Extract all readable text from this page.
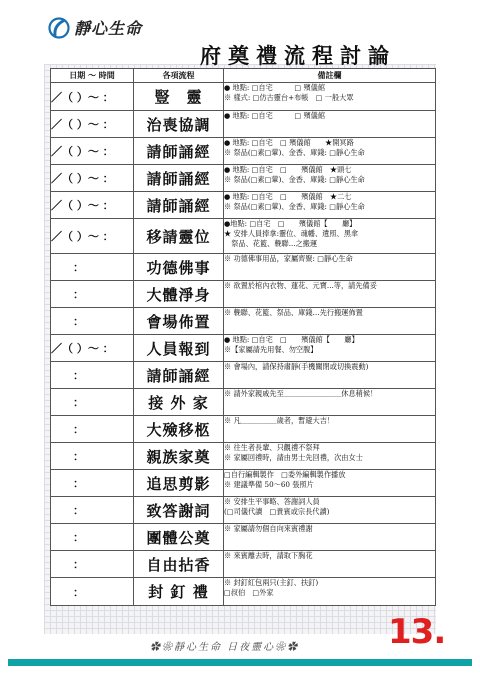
靜心生命
府奠禮流程討論
日期 ～ 時間	各項流程	備註欄
／（ ）～ ：	豎　靈	● 地點: □自宅　　　□ 殯儀館
※ 樣式: □仿古靈台+布帳　□ 一般大眾
／（ ）～ ：	治喪協調	● 地點: □自宅　　　□ 殯儀館
／（ ）～ ：	請師誦經	● 地點: □自宅　□ 殯儀館　　★開冥路
※ 祭品(□素□葷)、金香、庫錢: □靜心生命
／（ ）～ ：	請師誦經	● 地點: □自宅　□　　殯儀館　★頭七
※ 祭品(□素□葷)、金香、庫錢: □靜心生命
／（ ）～ ：	請師誦經	● 地點: □自宅　□　　殯儀館　★二七
※ 祭品(□素□葷)、金香、庫錢: □靜心生命
／（ ）～ ：	移請靈位	●地點: □自宅　□　　殯儀館【　　廳】
★ 安排人員捧拿:靈位、魂幡、遺照、黑傘
　祭品、花籃、輓聯...之搬運
　　：	功德佛事	※ 功德佛事用品，家屬齊聚: □靜心生命
　　：	大體淨身	※ 欲置於棺內衣物、蓮花、元寶...等，請先備妥
　　：	會場佈置	※ 輓聯、花籃、祭品、庫錢…先行搬運佈置
／（ ）～ ：	人員報到	● 地點: □自宅　□　　殯儀館【　　廳】
※【家屬請先用餐、勿空腹】
　　：	請師誦經	※ 會場內，請保持肅靜(手機關閉或切換震動)
　　：	接 外 家	※ 請外家親戚先至＿＿＿＿＿＿＿＿休息稍候！
　　：	大殮移柩	※ 凡＿＿＿＿＿歲者，暫避大吉！
　　：	親族家奠	※ 往生者長輩、只觀禮不祭拜
※ 家屬回禮時，請由男士先回禮，次由女士
　　：	追思剪影	□自行編輯製作　□委外編輯製作播放
※ 建議準備 50～60 張照片
　　：	致答謝詞	※ 安排生平事略、答謝詞人員
(□司儀代讀　□貴賓或宗長代讀)
　　：	團體公奠	※ 家屬請勿個自向來賓禮謝
　　：	自由拈香	※ 來賓離去時，請取下胸花
　　：	封 釘 禮	※ 封釘紅包兩只(主釘、扶釘)
□叔伯　□外家
✿❀靜心生命 日夜靈心❀✿	13.
